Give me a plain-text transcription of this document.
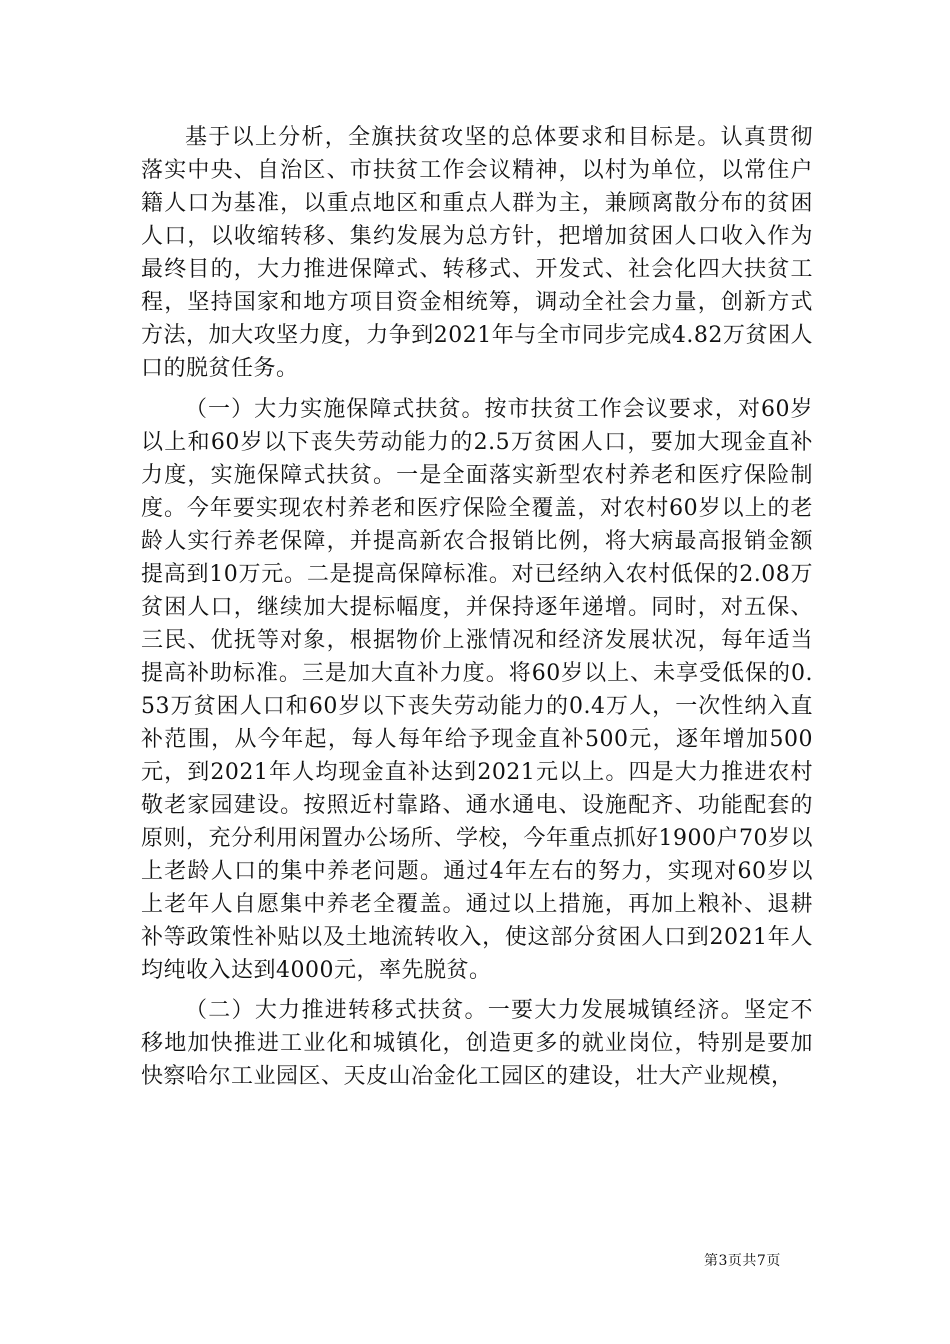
基于以上分析，全旗扶贫攻坚的总体要求和目标是。认真贯彻落实中央、自治区、市扶贫工作会议精神，以村为单位，以常住户籍人口为基准，以重点地区和重点人群为主，兼顾离散分布的贫困人口，以收缩转移、集约发展为总方针，把增加贫困人口收入作为最终目的，大力推进保障式、转移式、开发式、社会化四大扶贫工程，坚持国家和地方项目资金相统筹，调动全社会力量，创新方式方法，加大攻坚力度，力争到2021年与全市同步完成4.82万贫困人口的脱贫任务。

（一）大力实施保障式扶贫。按市扶贫工作会议要求，对60岁以上和60岁以下丧失劳动能力的2.5万贫困人口，要加大现金直补力度，实施保障式扶贫。一是全面落实新型农村养老和医疗保险制度。今年要实现农村养老和医疗保险全覆盖，对农村60岁以上的老龄人实行养老保障，并提高新农合报销比例，将大病最高报销金额提高到10万元。二是提高保障标准。对已经纳入农村低保的2.08万贫困人口，继续加大提标幅度，并保持逐年递增。同时，对五保、三民、优抚等对象，根据物价上涨情况和经济发展状况，每年适当提高补助标准。三是加大直补力度。将60岁以上、未享受低保的0.53万贫困人口和60岁以下丧失劳动能力的0.4万人，一次性纳入直补范围，从今年起，每人每年给予现金直补500元，逐年增加500元，到2021年人均现金直补达到2021元以上。四是大力推进农村敬老家园建设。按照近村靠路、通水通电、设施配齐、功能配套的原则，充分利用闲置办公场所、学校，今年重点抓好1900户70岁以上老龄人口的集中养老问题。通过4年左右的努力，实现对60岁以上老年人自愿集中养老全覆盖。通过以上措施，再加上粮补、退耕补等政策性补贴以及土地流转收入，使这部分贫困人口到2021年人均纯收入达到4000元，率先脱贫。

（二）大力推进转移式扶贫。一要大力发展城镇经济。坚定不移地加快推进工业化和城镇化，创造更多的就业岗位，特别是要加快察哈尔工业园区、天皮山冶金化工园区的建设，壮大产业规模，

第3页共7页
